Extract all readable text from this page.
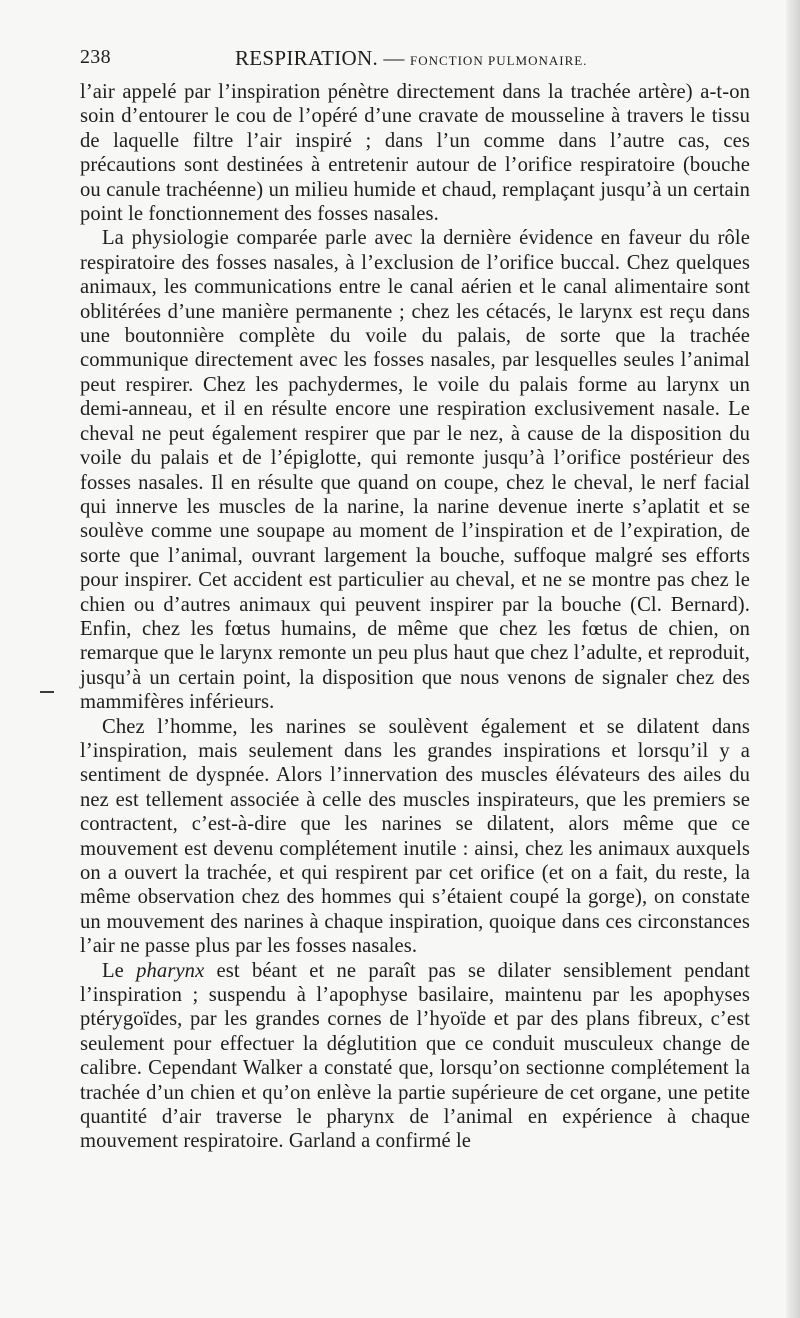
238	RESPIRATION. — FONCTION PULMONAIRE.

l’air appelé par l’inspiration pénètre directement dans la trachée artère) a-t-on soin d’entourer le cou de l’opéré d’une cravate de mousseline à travers le tissu de laquelle filtre l’air inspiré ; dans l’un comme dans l’autre cas, ces précautions sont destinées à entretenir autour de l’orifice respiratoire (bouche ou canule trachéenne) un milieu humide et chaud, remplaçant jusqu’à un certain point le fonctionnement des fosses nasales.

La physiologie comparée parle avec la dernière évidence en faveur du rôle respiratoire des fosses nasales, à l’exclusion de l’orifice buccal. Chez quelques animaux, les communications entre le canal aérien et le canal alimentaire sont oblitérées d’une manière permanente ; chez les cétacés, le larynx est reçu dans une boutonnière complète du voile du palais, de sorte que la trachée communique directement avec les fosses nasales, par lesquelles seules l’animal peut respirer. Chez les pachydermes, le voile du palais forme au larynx un demi-anneau, et il en résulte encore une respiration exclusivement nasale. Le cheval ne peut également respirer que par le nez, à cause de la disposition du voile du palais et de l’épiglotte, qui remonte jusqu’à l’orifice postérieur des fosses nasales. Il en résulte que quand on coupe, chez le cheval, le nerf facial qui innerve les muscles de la narine, la narine devenue inerte s’aplatit et se soulève comme une soupape au moment de l’inspiration et de l’expiration, de sorte que l’animal, ouvrant largement la bouche, suffoque malgré ses efforts pour inspirer. Cet accident est particulier au cheval, et ne se montre pas chez le chien ou d’autres animaux qui peuvent inspirer par la bouche (Cl. Bernard). Enfin, chez les fœtus humains, de même que chez les fœtus de chien, on remarque que le larynx remonte un peu plus haut que chez l’adulte, et reproduit, jusqu’à un certain point, la disposition que nous venons de signaler chez des mammifères inférieurs.

Chez l’homme, les narines se soulèvent également et se dilatent dans l’inspiration, mais seulement dans les grandes inspirations et lorsqu’il y a sentiment de dyspnée. Alors l’innervation des muscles élévateurs des ailes du nez est tellement associée à celle des muscles inspirateurs, que les premiers se contractent, c’est-à-dire que les narines se dilatent, alors même que ce mouvement est devenu complétement inutile : ainsi, chez les animaux auxquels on a ouvert la trachée, et qui respirent par cet orifice (et on a fait, du reste, la même observation chez des hommes qui s’étaient coupé la gorge), on constate un mouvement des narines à chaque inspiration, quoique dans ces circonstances l’air ne passe plus par les fosses nasales.

Le pharynx est béant et ne paraît pas se dilater sensiblement pendant l’inspiration ; suspendu à l’apophyse basilaire, maintenu par les apophyses ptérygoïdes, par les grandes cornes de l’hyoïde et par des plans fibreux, c’est seulement pour effectuer la déglutition que ce conduit musculeux change de calibre. Cependant Walker a constaté que, lorsqu’on sectionne complétement la trachée d’un chien et qu’on enlève la partie supérieure de cet organe, une petite quantité d’air traverse le pharynx de l’animal en expérience à chaque mouvement respiratoire. Garland a confirmé le
